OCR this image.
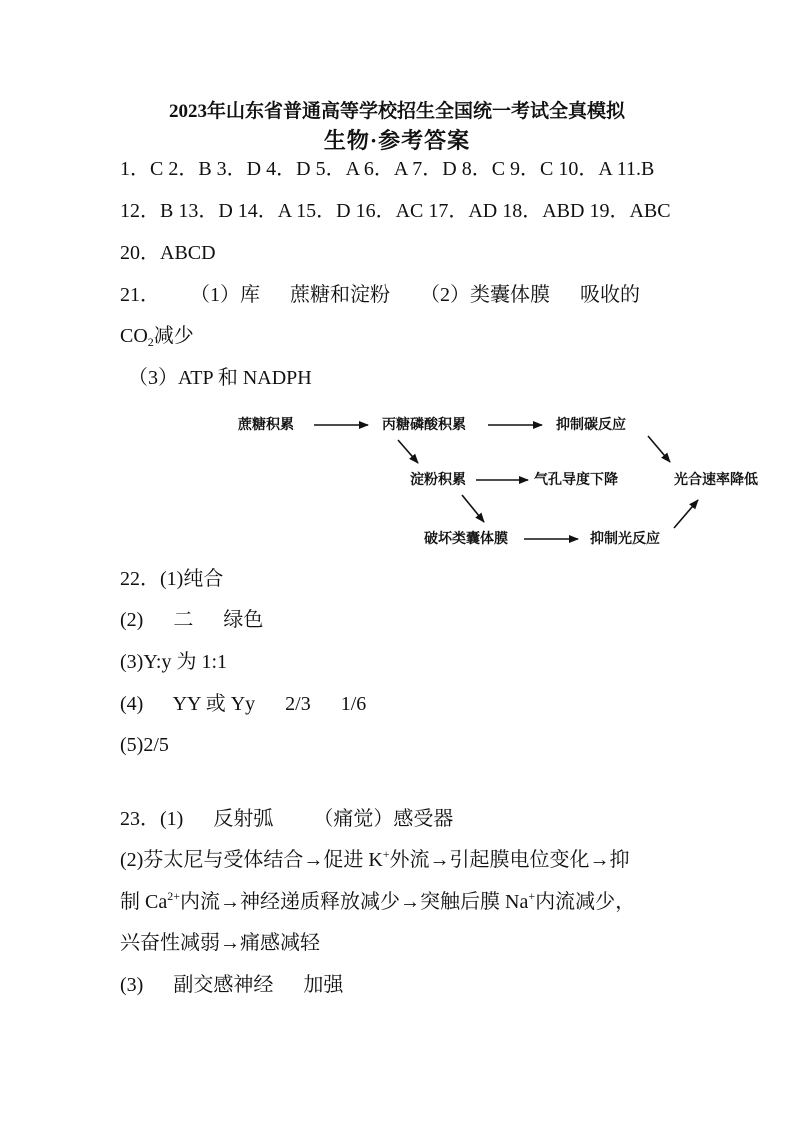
2023年山东省普通高等学校招生全国统一考试全真模拟
生物·参考答案
1．C 2．B 3．D 4．D 5．A 6．A 7．D 8．C 9．C 10．A 11.B
12．B 13．D 14．A 15．D 16．AC 17．AD 18．ABD 19．ABC
20．ABCD
21．      （1）库      蔗糖和淀粉      （2）类囊体膜      吸收的
$CO_2$减少
（3）ATP 和 NADPH
蔗糖积累	丙糖磷酸积累	抑制碳反应
淀粉积累	气孔导度下降	光合速率降低
破坏类囊体膜	抑制光反应
22．(1)纯合
(2)      二      绿色
(3)Y:y 为 1:1
(4)      YY 或 Yy      2/3      1/6
(5)2/5
23．(1)      反射弧        （痛觉）感受器
(2)芬太尼与受体结合→促进 K+外流→引起膜电位变化→抑
制 $Ca^{2+}$内流→神经递质释放减少→突触后膜 Na+内流减少，
兴奋性减弱→痛感减轻
(3)      副交感神经      加强
